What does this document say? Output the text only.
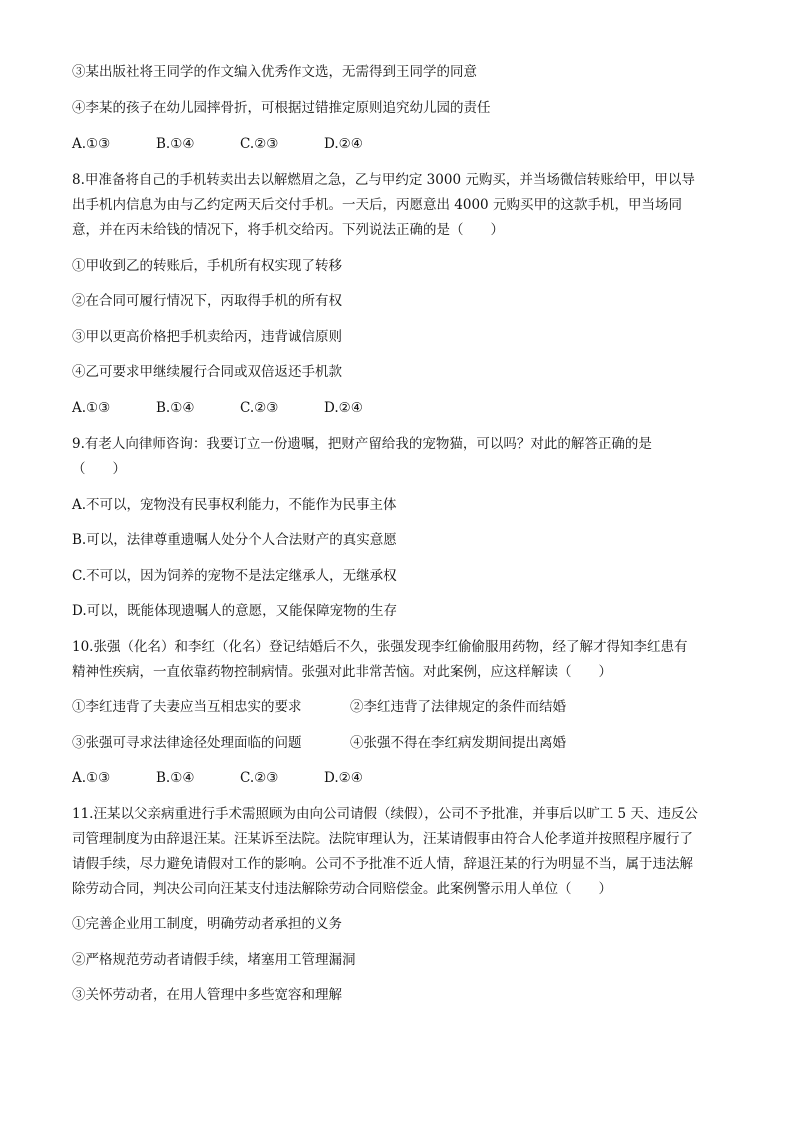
③某出版社将王同学的作文编入优秀作文选，无需得到王同学的同意
④李某的孩子在幼儿园摔骨折，可根据过错推定原则追究幼儿园的责任
A.①③	B.①④	C.②③	D.②④
8.甲准备将自己的手机转卖出去以解燃眉之急，乙与甲约定 3000 元购买，并当场微信转账给甲，甲以导
出手机内信息为由与乙约定两天后交付手机。一天后，丙愿意出 4000 元购买甲的这款手机，甲当场同
意，并在丙未给钱的情况下，将手机交给丙。下列说法正确的是（　　）
①甲收到乙的转账后，手机所有权实现了转移
②在合同可履行情况下，丙取得手机的所有权
③甲以更高价格把手机卖给丙，违背诚信原则
④乙可要求甲继续履行合同或双倍返还手机款
A.①③	B.①④	C.②③	D.②④
9.有老人向律师咨询：我要订立一份遗嘱，把财产留给我的宠物猫，可以吗？对此的解答正确的是
（　　）
A.不可以，宠物没有民事权利能力，不能作为民事主体
B.可以，法律尊重遗嘱人处分个人合法财产的真实意愿
C.不可以，因为饲养的宠物不是法定继承人，无继承权
D.可以，既能体现遗嘱人的意愿，又能保障宠物的生存
10.张强（化名）和李红（化名）登记结婚后不久，张强发现李红偷偷服用药物，经了解才得知李红患有
精神性疾病，一直依靠药物控制病情。张强对此非常苦恼。对此案例，应这样解读（　　）
①李红违背了夫妻应当互相忠实的要求	②李红违背了法律规定的条件而结婚
③张强可寻求法律途径处理面临的问题	④张强不得在李红病发期间提出离婚
A.①③	B.①④	C.②③	D.②④
11.汪某以父亲病重进行手术需照顾为由向公司请假（续假），公司不予批准，并事后以旷工 5 天、违反公
司管理制度为由辞退汪某。汪某诉至法院。法院审理认为，汪某请假事由符合人伦孝道并按照程序履行了
请假手续，尽力避免请假对工作的影响。公司不予批准不近人情，辞退汪某的行为明显不当，属于违法解
除劳动合同，判决公司向汪某支付违法解除劳动合同赔偿金。此案例警示用人单位（　　）
①完善企业用工制度，明确劳动者承担的义务
②严格规范劳动者请假手续，堵塞用工管理漏洞
③关怀劳动者，在用人管理中多些宽容和理解
